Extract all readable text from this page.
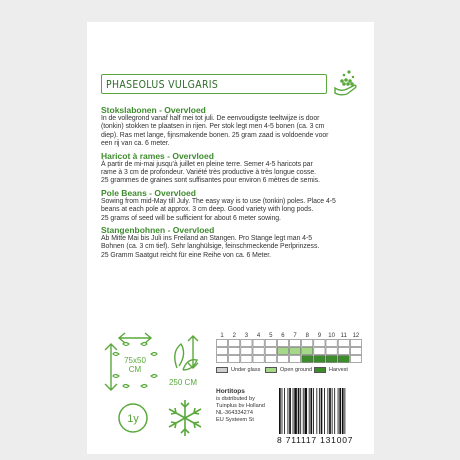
PHASEOLUS VULGARIS
Stokslabonen - Overvloed
In de vollegrond vanaf half mei tot juli. De eenvoudigste teeltwijze is door
(tonkin) stokken te plaatsen in rijen. Per stok legt men 4-5 bonen (ca. 3 cm
diep). Ras met lange, fijnsmakende bonen. 25 gram zaad is voldoende voor
een rij van ca. 6 meter.
Haricot à rames - Overvloed
À partir de mi-mai jusqu'à juillet en pleine terre. Semer 4-5 haricots par
rame à 3 cm de profondeur. Variété très productive à très longue cosse.
25 grammes de graines sont suffisantes pour environ 6 mètres de semis.
Pole Beans - Overvloed
Sowing from mid-May till July. The easy way is to use (tonkin) poles. Place 4-5
beans at each pole at approx. 3 cm deep. Good variety with long pods.
25 grams of seed will be sufficient for about 6 meter sowing.
Stangenbohnen - Overvloed
Ab Mitte Mai bis Juli ins Freiland an Stangen. Pro Stange legt man 4-5
Bohnen (ca. 3 cm tief). Sehr langhülsige, feinschmeckende Perlprinzess.
25 Gramm Saatgut reicht für eine Reihe von ca. 6 Meter.
75x50
CM
250 CM
1y
1 2 3 4 5 6 7 8 9 10 11 12
Under glass	Open ground	Harvest
Hortitops
is distributed by
Tuinplus bv Holland
NL-364334274
EU Systeem St
8 711117 131007
